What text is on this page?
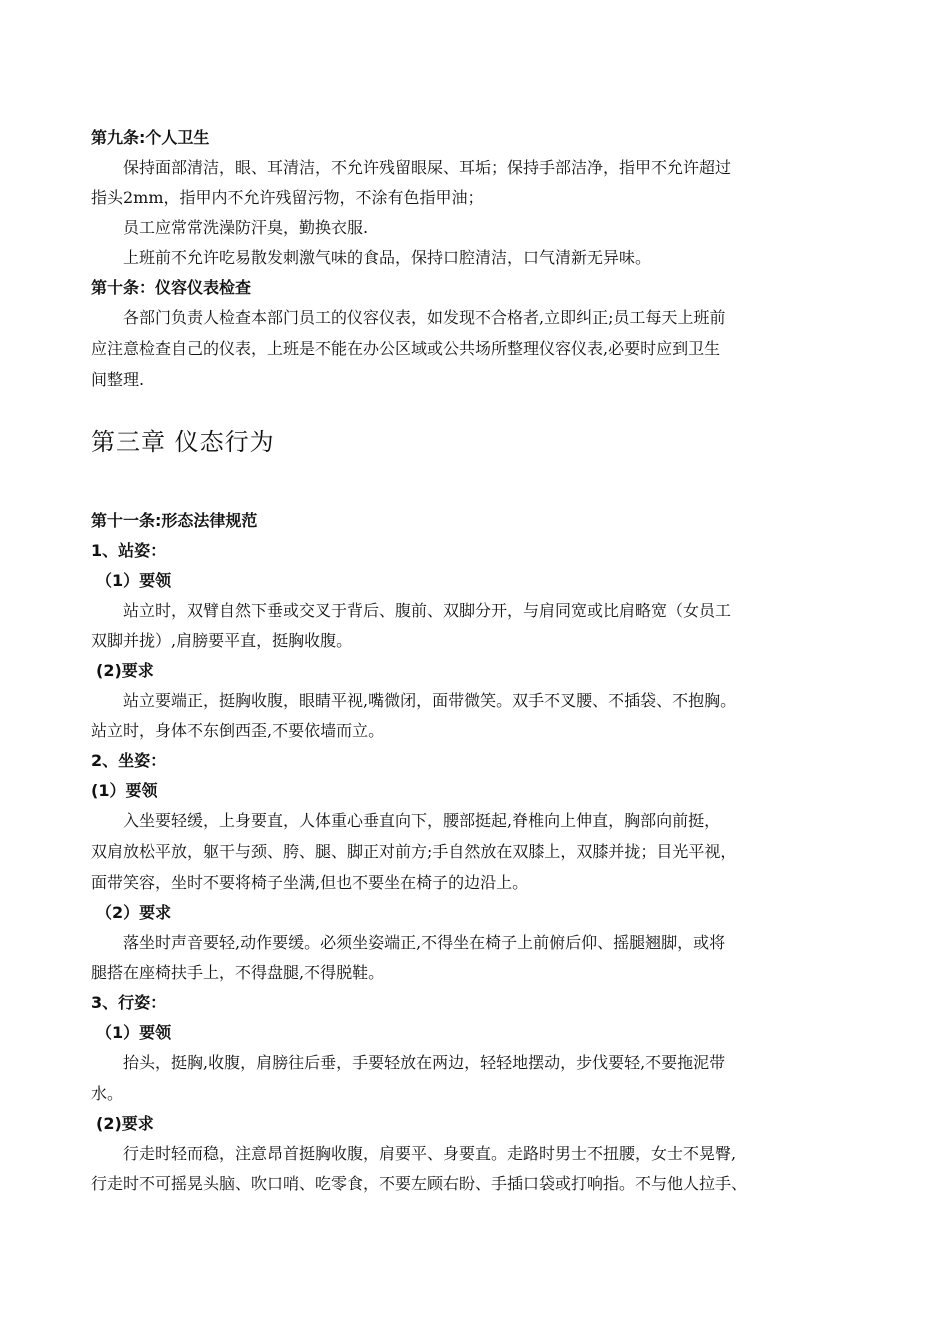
第九条:个人卫生
保持面部清洁，眼、耳清洁，不允许残留眼屎、耳垢；保持手部洁净，指甲不允许超过
指头2mm，指甲内不允许残留污物，不涂有色指甲油；
员工应常常洗澡防汗臭，勤换衣服.
上班前不允许吃易散发刺激气味的食品，保持口腔清洁，口气清新无异味。
第十条：仪容仪表检查
各部门负责人检查本部门员工的仪容仪表，如发现不合格者,立即纠正;员工每天上班前
应注意检查自己的仪表，上班是不能在办公区域或公共场所整理仪容仪表,必要时应到卫生
间整理.
第三章 仪态行为
第十一条:形态法律规范
1、站姿：
（1）要领
站立时，双臂自然下垂或交叉于背后、腹前、双脚分开，与肩同宽或比肩略宽（女员工
双脚并拢）,肩膀要平直，挺胸收腹。
(2)要求
站立要端正，挺胸收腹，眼睛平视,嘴微闭，面带微笑。双手不叉腰、不插袋、不抱胸。
站立时，身体不东倒西歪,不要依墙而立。
2、坐姿：
(1）要领
入坐要轻缓，上身要直，人体重心垂直向下，腰部挺起,脊椎向上伸直，胸部向前挺，
双肩放松平放，躯干与颈、胯、腿、脚正对前方;手自然放在双膝上，双膝并拢；目光平视，
面带笑容，坐时不要将椅子坐满,但也不要坐在椅子的边沿上。
（2）要求
落坐时声音要轻,动作要缓。必须坐姿端正,不得坐在椅子上前俯后仰、摇腿翘脚，或将
腿搭在座椅扶手上，不得盘腿,不得脱鞋。
3、行姿：
（1）要领
抬头，挺胸,收腹，肩膀往后垂，手要轻放在两边，轻轻地摆动，步伐要轻,不要拖泥带
水。
(2)要求
行走时轻而稳，注意昂首挺胸收腹，肩要平、身要直。走路时男士不扭腰，女士不晃臀,
行走时不可摇晃头脑、吹口哨、吃零食，不要左顾右盼、手插口袋或打响指。不与他人拉手、
